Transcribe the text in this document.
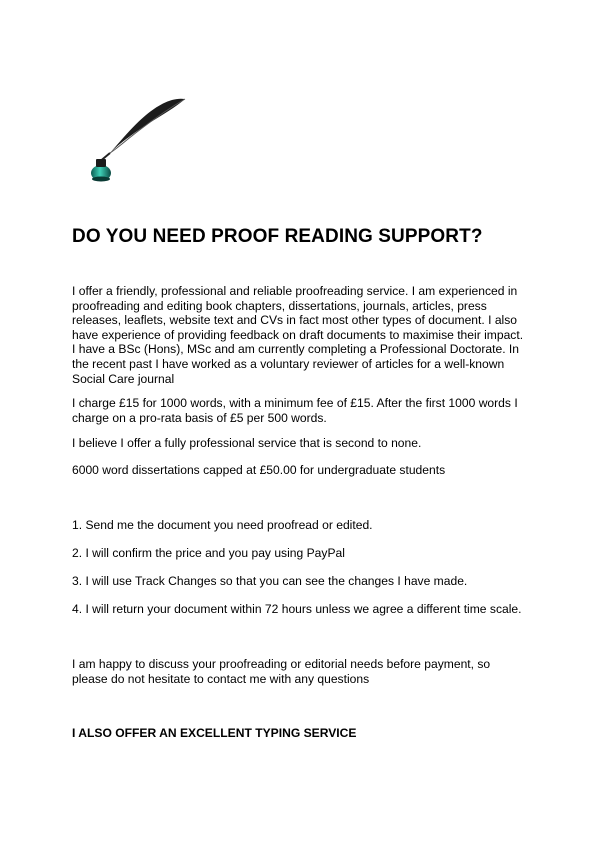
DO YOU NEED PROOF READING SUPPORT?

I offer a friendly, professional and reliable proofreading service. I am experienced in proofreading and editing book chapters, dissertations, journals, articles, press releases, leaflets, website text and CVs in fact most other types of document. I also have experience of providing feedback on draft documents to maximise their impact. I have a BSc (Hons), MSc and am currently completing a Professional Doctorate. In the recent past I have worked as a voluntary reviewer of articles for a well-known Social Care journal

I charge £15 for 1000 words, with a minimum fee of £15. After the first 1000 words I charge on a pro-rata basis of £5 per 500 words.

I believe I offer a fully professional service that is second to none.

6000 word dissertations capped at £50.00 for undergraduate students

1. Send me the document you need proofread or edited.
2. I will confirm the price and you pay using PayPal
3. I will use Track Changes so that you can see the changes I have made.
4. I will return your document within 72 hours unless we agree a different time scale.

I am happy to discuss your proofreading or editorial needs before payment, so please do not hesitate to contact me with any questions

I ALSO OFFER AN EXCELLENT TYPING SERVICE
